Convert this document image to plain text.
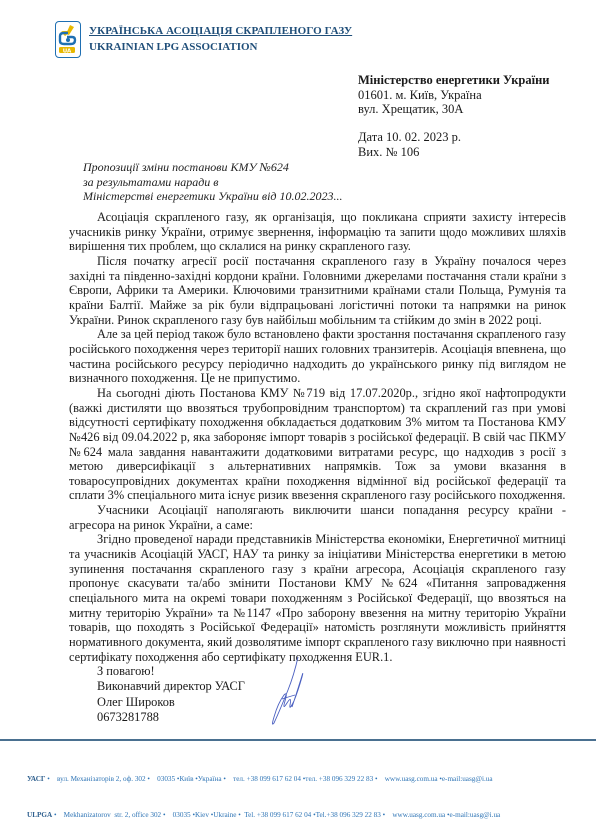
UA
УКРАЇНСЬКА АСОЦІАЦІЯ СКРАПЛЕНОГО ГАЗУ
UKRAINIAN LPG ASSOCIATION
Міністерство енергетики України
01601. м. Київ, Україна
вул. Хрещатик, 30А
Дата 10. 02. 2023 р.
Вих. № 106
Пропозиції зміни постанови КМУ №624
за результатами наради в
Міністерстві енергетики України від 10.02.2023...

Асоціація скрапленого газу, як організація, що покликана сприяти захисту інтересів учасників ринку України, отримує звернення, інформацію та запити щодо можливих шляхів вирішення тих проблем, що склалися на ринку скрапленого газу.

Після початку агресії росії постачання скрапленого газу в Україну почалося через західні та південно-західні кордони країни. Головними джерелами постачання стали країни з Європи, Африки та Америки. Ключовими транзитними країнами стали Польща, Румунія та країни Балтії. Майже за рік були відпрацьовані логістичні потоки та напрямки на ринок України. Ринок скрапленого газу був найбільш мобільним та стійким до змін в 2022 році.

Але за цей період також було встановлено факти зростання постачання скрапленого газу російського походження через території наших головних транзитерів. Асоціація впевнена, що частина російського ресурсу періодично надходить до українського ринку під виглядом не визначного походження. Це не припустимо.

На сьогодні діють Постанова КМУ №719 від 17.07.2020р., згідно якої нафтопродукти (важкі дистиляти що ввозяться трубопровідним транспортом) та скраплений газ при умові відсутності сертифікату походження обкладається додатковим 3% митом та Постанова КМУ №426 від 09.04.2022 р, яка забороняє імпорт товарів з російської федерації. В свій час ПКМУ №624 мала завдання навантажити додатковими витратами ресурс, що надходив з росії з метою диверсифікації з альтернативних напрямків. Тож за умови вказання в товаросупровідних документах країни походження відмінної від російської федерації та сплати 3% спеціального мита існує ризик ввезення скрапленого газу російського походження.

Учасники Асоціації наполягають виключити шанси попадання ресурсу країни - агресора на ринок України, а саме:

Згідно проведеної наради представників Міністерства економіки, Енергетичної митниці та учасників Асоціацій УАСГ, НАУ та ринку за ініціативи Міністерства енергетики в метою зупинення постачання скрапленого газу з країни агресора, Асоціація скрапленого газу пропонує скасувати та/або змінити Постанови КМУ №624 «Питання запровадження спеціального мита на окремі товари походженням з Російської Федерації, що ввозяться на митну територію України» та №1147 «Про заборону ввезення на митну територію України товарів, що походять з Російської Федерації» натомість розглянути можливість прийняття нормативного документа, який дозволятиме імпорт скрапленого газу виключно при наявності сертифікату походження або сертифікату походження EUR.1.

З повагою!
Виконавчий директор УАСГ
Олег Широков
0673281788

УАСГ •    вул. Механізаторів 2, оф. 302 •    03035 •Київ •Україна •    тел. +38 099 617 62 04 •тел. +38 096 329 22 83 •    www.uasg.com.ua •e-mail:uasg@i.ua

ULPGA •    Mekhanizatorov  str. 2, office 302 •    03035 •Kiev •Ukraine •  Tel. +38 099 617 62 04 •Tel.+38 096 329 22 83 •    www.uasg.com.ua •e-mail:uasg@i.ua
